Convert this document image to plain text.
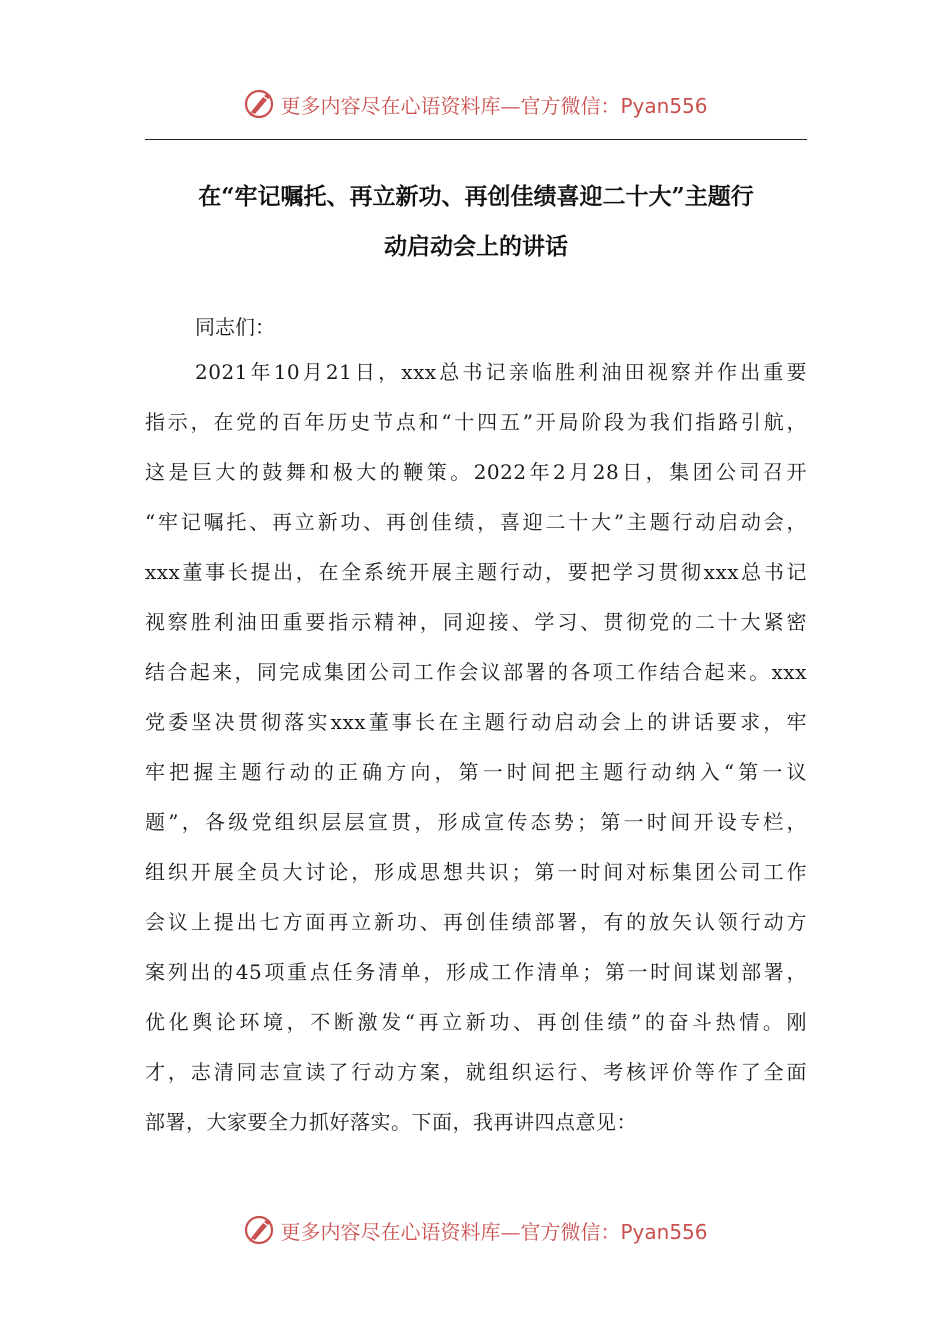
更多内容尽在心语资料库—官方微信：Pyan556
在“牢记嘱托、再立新功、再创佳绩喜迎二十大”主题行
动启动会上的讲话
同志们：
2021年10月21日，xxx总书记亲临胜利油田视察并作出重要
指示，在党的百年历史节点和“十四五”开局阶段为我们指路引航，
这是巨大的鼓舞和极大的鞭策。2022年2月28日，集团公司召开
“牢记嘱托、再立新功、再创佳绩，喜迎二十大”主题行动启动会，
xxx董事长提出，在全系统开展主题行动，要把学习贯彻xxx总书记
视察胜利油田重要指示精神，同迎接、学习、贯彻党的二十大紧密
结合起来，同完成集团公司工作会议部署的各项工作结合起来。xxx
党委坚决贯彻落实xxx董事长在主题行动启动会上的讲话要求，牢
牢把握主题行动的正确方向，第一时间把主题行动纳入“第一议
题”，各级党组织层层宣贯，形成宣传态势；第一时间开设专栏，
组织开展全员大讨论，形成思想共识；第一时间对标集团公司工作
会议上提出七方面再立新功、再创佳绩部署，有的放矢认领行动方
案列出的45项重点任务清单，形成工作清单；第一时间谋划部署，
优化舆论环境，不断激发“再立新功、再创佳绩”的奋斗热情。刚
才，志清同志宣读了行动方案，就组织运行、考核评价等作了全面
部署，大家要全力抓好落实。下面，我再讲四点意见：
更多内容尽在心语资料库—官方微信：Pyan556
